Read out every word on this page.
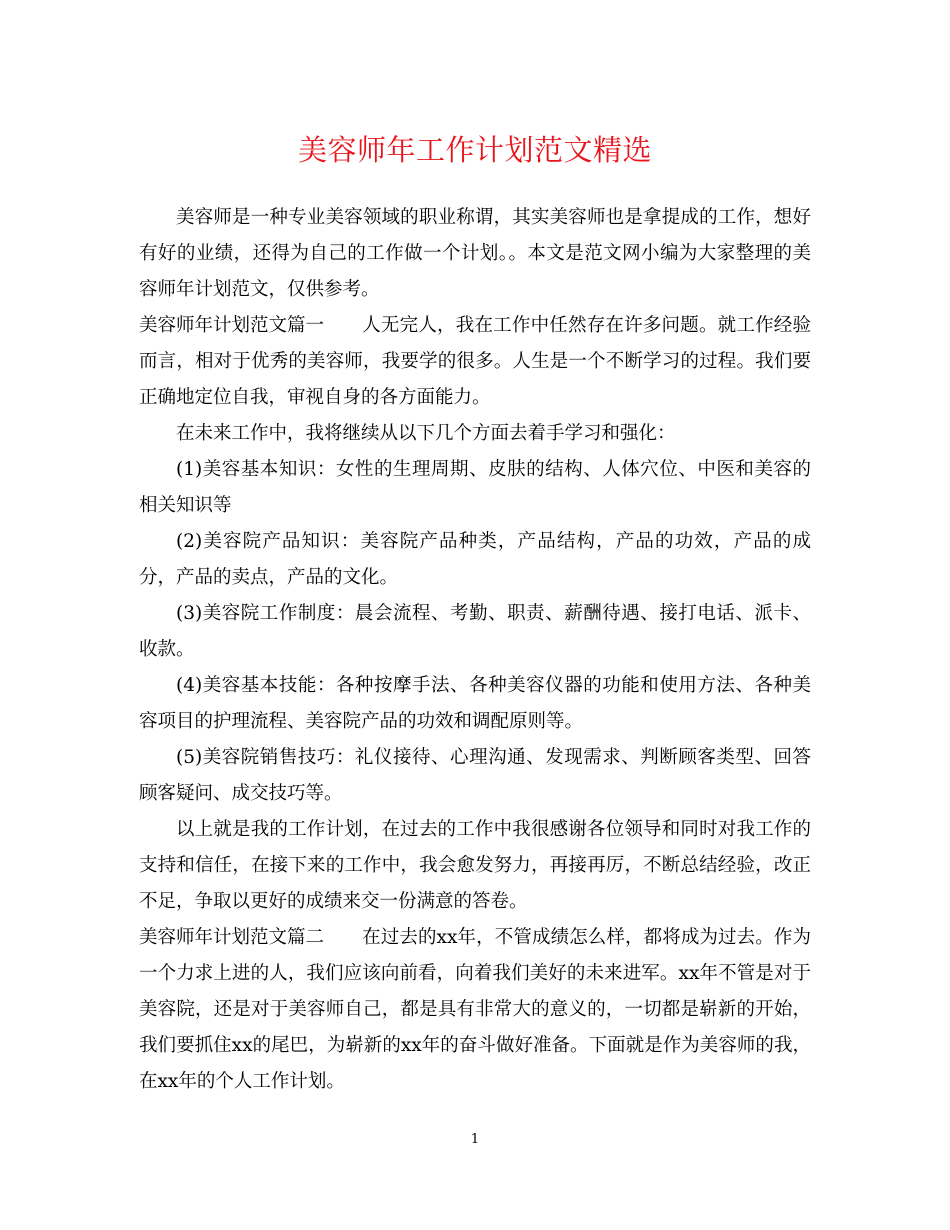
美容师年工作计划范文精选

美容师是一种专业美容领域的职业称谓，其实美容师也是拿提成的工作，想好有好的业绩，还得为自己的工作做一个计划。。本文是范文网小编为大家整理的美容师年计划范文，仅供参考。

美容师年计划范文篇一 人无完人，我在工作中任然存在许多问题。就工作经验而言，相对于优秀的美容师，我要学的很多。人生是一个不断学习的过程。我们要正确地定位自我，审视自身的各方面能力。

在未来工作中，我将继续从以下几个方面去着手学习和强化：

(1)美容基本知识：女性的生理周期、皮肤的结构、人体穴位、中医和美容的相关知识等

(2)美容院产品知识：美容院产品种类，产品结构，产品的功效，产品的成分，产品的卖点，产品的文化。

(3)美容院工作制度：晨会流程、考勤、职责、薪酬待遇、接打电话、派卡、收款。

(4)美容基本技能：各种按摩手法、各种美容仪器的功能和使用方法、各种美容项目的护理流程、美容院产品的功效和调配原则等。

(5)美容院销售技巧：礼仪接待、心理沟通、发现需求、判断顾客类型、回答顾客疑问、成交技巧等。

以上就是我的工作计划，在过去的工作中我很感谢各位领导和同时对我工作的支持和信任，在接下来的工作中，我会愈发努力，再接再厉，不断总结经验，改正不足，争取以更好的成绩来交一份满意的答卷。

美容师年计划范文篇二 在过去的xx年，不管成绩怎么样，都将成为过去。作为一个力求上进的人，我们应该向前看，向着我们美好的未来进军。xx年不管是对于美容院，还是对于美容师自己，都是具有非常大的意义的，一切都是崭新的开始，我们要抓住xx的尾巴，为崭新的xx年的奋斗做好准备。下面就是作为美容师的我，在xx年的个人工作计划。

1
